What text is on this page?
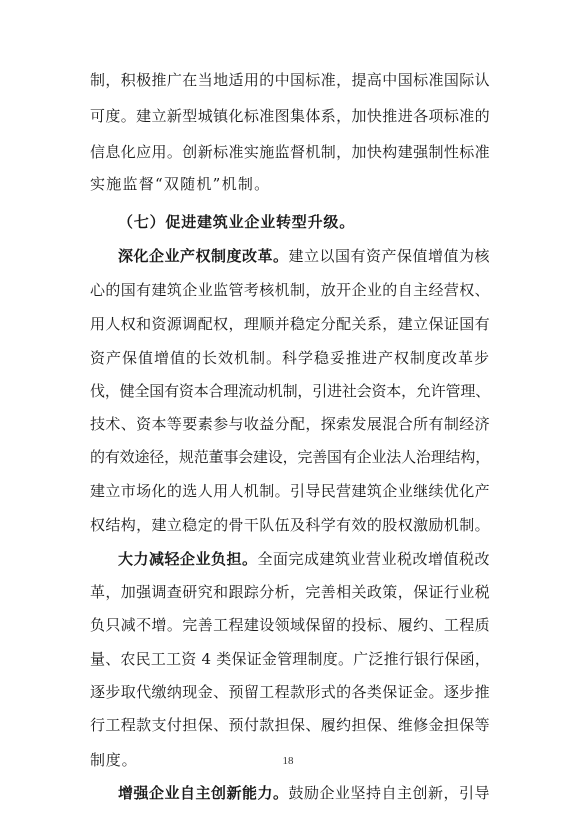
制，积极推广在当地适用的中国标准，提高中国标准国际认
可度。建立新型城镇化标准图集体系，加快推进各项标准的
信息化应用。创新标准实施监督机制，加快构建强制性标准
实施监督“双随机”机制。
（七）促进建筑业企业转型升级。
深化企业产权制度改革。建立以国有资产保值增值为核
心的国有建筑企业监管考核机制，放开企业的自主经营权、
用人权和资源调配权，理顺并稳定分配关系，建立保证国有
资产保值增值的长效机制。科学稳妥推进产权制度改革步
伐，健全国有资本合理流动机制，引进社会资本，允许管理、
技术、资本等要素参与收益分配，探索发展混合所有制经济
的有效途径，规范董事会建设，完善国有企业法人治理结构，
建立市场化的选人用人机制。引导民营建筑企业继续优化产
权结构，建立稳定的骨干队伍及科学有效的股权激励机制。
大力减轻企业负担。全面完成建筑业营业税改增值税改
革，加强调查研究和跟踪分析，完善相关政策，保证行业税
负只减不增。完善工程建设领域保留的投标、履约、工程质
量、农民工工资 4 类保证金管理制度。广泛推行银行保函，
逐步取代缴纳现金、预留工程款形式的各类保证金。逐步推
行工程款支付担保、预付款担保、履约担保、维修金担保等
制度。
增强企业自主创新能力。鼓励企业坚持自主创新，引导
18
